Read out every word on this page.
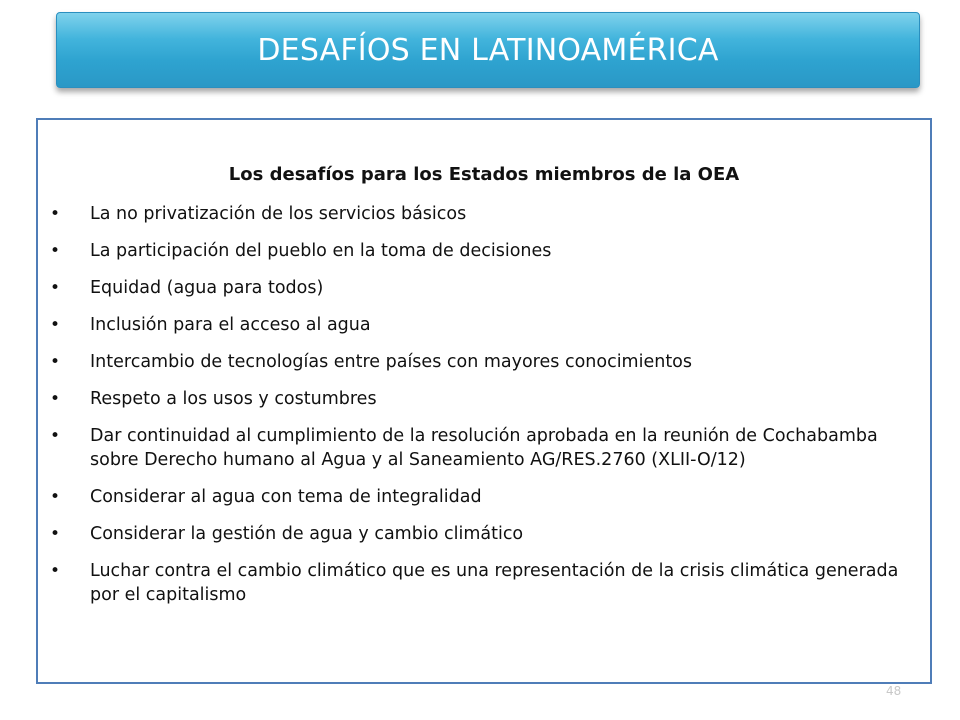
DESAFÍOS EN LATINOAMÉRICA
Los desafíos para los Estados miembros de la OEA
• La no privatización de los servicios básicos
• La participación del pueblo en la toma de decisiones
• Equidad (agua para todos)
• Inclusión para el acceso al agua
• Intercambio de tecnologías entre países con mayores conocimientos
• Respeto a los usos y costumbres
• Dar continuidad al cumplimiento de la resolución aprobada en la reunión de Cochabamba sobre Derecho humano al Agua y al Saneamiento AG/RES.2760 (XLII-O/12)
• Considerar al agua con tema de integralidad
• Considerar la gestión de agua y cambio climático
• Luchar contra el cambio climático que es una representación de la crisis climática generada por el capitalismo
48
